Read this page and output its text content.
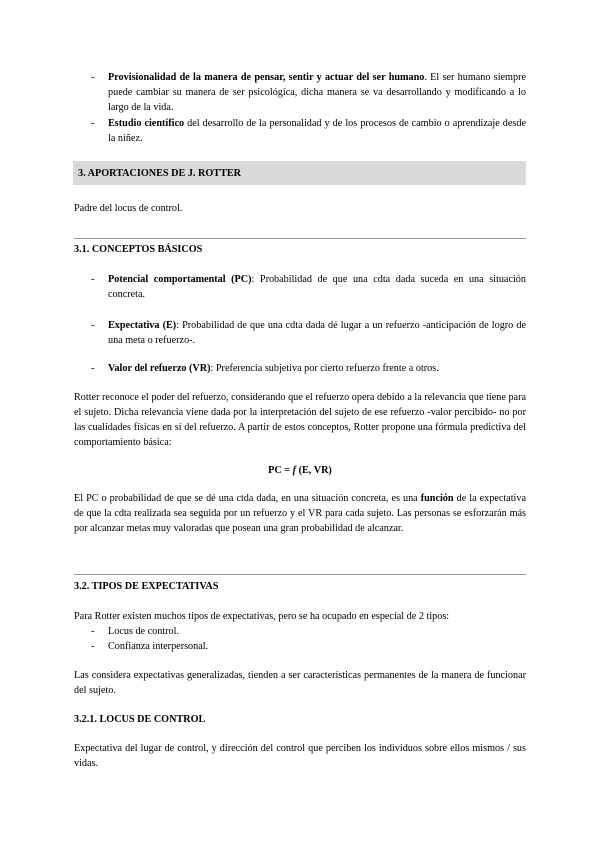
- Provisionalidad de la manera de pensar, sentir y actuar del ser humano. El ser humano siempre puede cambiar su manera de ser psicológica, dicha manera se va desarrollando y modificando a lo largo de la vida.
- Estudio científico del desarrollo de la personalidad y de los procesos de cambio o aprendizaje desde la niñez.
3. APORTACIONES DE J. ROTTER
Padre del locus de control.
3.1. CONCEPTOS BÁSICOS
- Potencial comportamental (PC): Probabilidad de que una cdta dada suceda en una situación concreta.
- Expectativa (E): Probabilidad de que una cdta dada dé lugar a un refuerzo -anticipación de logro de una meta o refuerzo-.
- Valor del refuerzo (VR): Preferencia subjetiva por cierto refuerzo frente a otros.
Rotter reconoce el poder del refuerzo, considerando que el refuerzo opera debido a la relevancia que tiene para el sujeto. Dicha relevancia viene dada por la interpretación del sujeto de ese refuerzo -valor percibido- no por las cualidades físicas en sí del refuerzo. A partir de estos conceptos, Rotter propone una fórmula predictiva del comportamiento básica:
PC = f (E, VR)
El PC o probabilidad de que se dé una ctda dada, en una situación concreta, es una función de la expectativa de que la cdta realizada sea seguida por un refuerzo y el VR para cada sujeto. Las personas se esforzarán más por alcanzar metas muy valoradas que posean una gran probabilidad de alcanzar.
3.2. TIPOS DE EXPECTATIVAS
Para Rotter existen muchos tipos de expectativas, pero se ha ocupado en especial de 2 tipos:
- Locus de control.
- Confianza interpersonal.
Las considera expectativas generalizadas, tienden a ser características permanentes de la manera de funcionar del sujeto.
3.2.1. LOCUS DE CONTROL
Expectativa del lugar de control, y dirección del control que perciben los individuos sobre ellos mismos / sus vidas.
